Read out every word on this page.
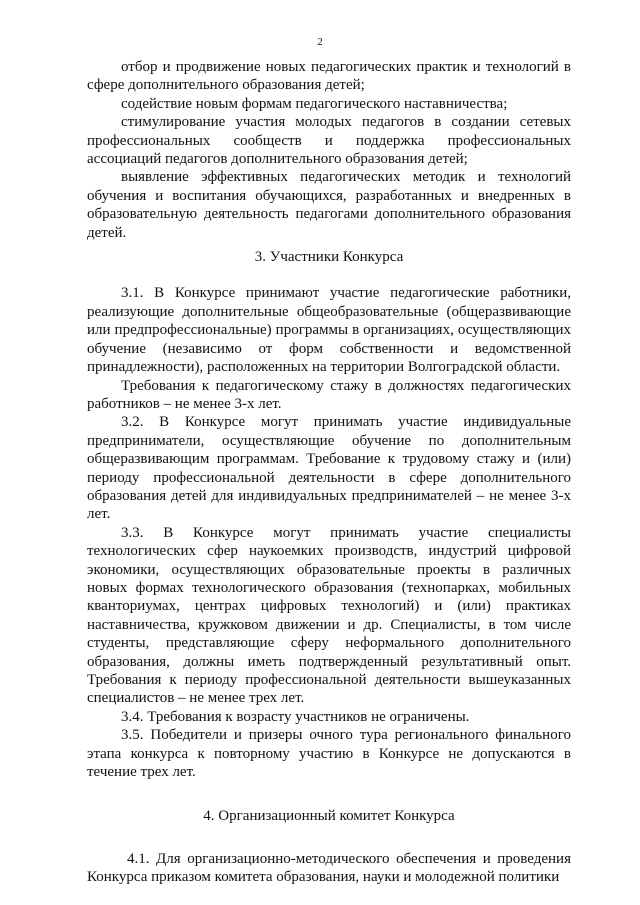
2

отбор и продвижение новых педагогических практик и технологий в сфере дополнительного образования детей;

содействие новым формам педагогического наставничества;

стимулирование участия молодых педагогов в создании сетевых профессиональных сообществ и поддержка профессиональных ассоциаций педагогов дополнительного образования детей;

выявление эффективных педагогических методик и технологий обучения и воспитания обучающихся, разработанных и внедренных в образовательную деятельность педагогами дополнительного образования детей.

3. Участники Конкурса

3.1. В Конкурсе принимают участие педагогические работники, реализующие дополнительные общеобразовательные (общеразвивающие или предпрофессиональные) программы в организациях, осуществляющих обучение (независимо от форм собственности и ведомственной принадлежности), расположенных на территории Волгоградской области.

Требования к педагогическому стажу в должностях педагогических работников – не менее 3-х лет.

3.2. В Конкурсе могут принимать участие индивидуальные предприниматели, осуществляющие обучение по дополнительным общеразвивающим программам. Требование к трудовому стажу и (или) периоду профессиональной деятельности в сфере дополнительного образования детей для индивидуальных предпринимателей – не менее 3-х лет.

3.3. В Конкурсе могут принимать участие специалисты технологических сфер наукоемких производств, индустрий цифровой экономики, осуществляющих образовательные проекты в различных новых формах технологического образования (технопарках, мобильных кванториумах, центрах цифровых технологий) и (или) практиках наставничества, кружковом движении и др. Специалисты, в том числе студенты, представляющие сферу неформального дополнительного образования, должны иметь подтвержденный результативный опыт. Требования к периоду профессиональной деятельности вышеуказанных специалистов – не менее трех лет.

3.4. Требования к возрасту участников не ограничены.

3.5. Победители и призеры очного тура регионального финального этапа конкурса к повторному участию в Конкурсе не допускаются в течение трех лет.

4. Организационный комитет Конкурса

4.1. Для организационно-методического обеспечения и проведения Конкурса приказом комитета образования, науки и молодежной политики
